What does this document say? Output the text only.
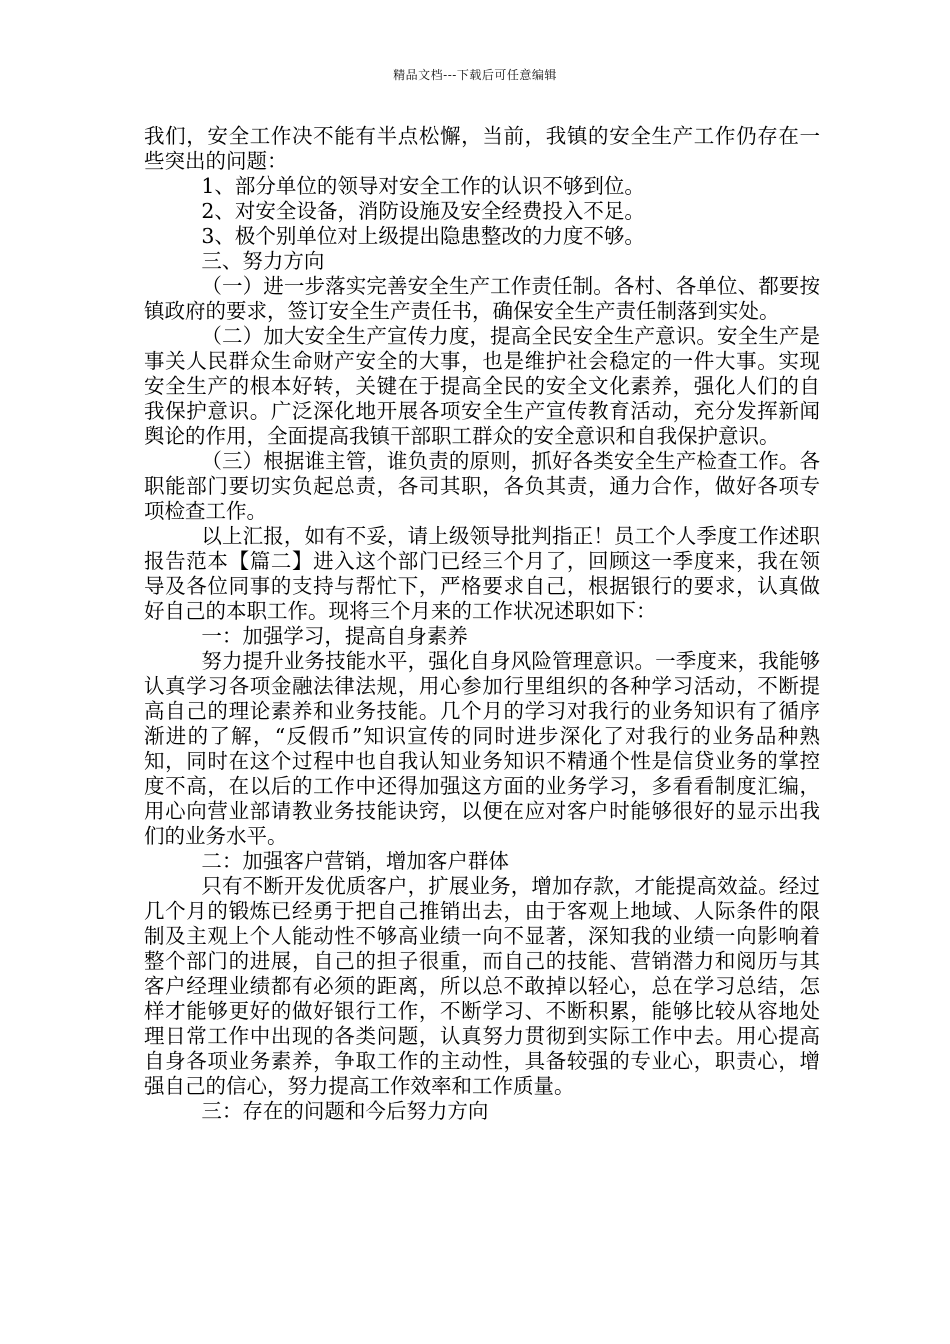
精品文档---下载后可任意编辑

我们，安全工作决不能有半点松懈，当前，我镇的安全生产工作仍存在一些突出的问题：

1、部分单位的领导对安全工作的认识不够到位。

2、对安全设备，消防设施及安全经费投入不足。

3、极个别单位对上级提出隐患整改的力度不够。

三、努力方向

（一）进一步落实完善安全生产工作责任制。各村、各单位、都要按镇政府的要求，签订安全生产责任书，确保安全生产责任制落到实处。

（二）加大安全生产宣传力度，提高全民安全生产意识。安全生产是事关人民群众生命财产安全的大事，也是维护社会稳定的一件大事。实现安全生产的根本好转，关键在于提高全民的安全文化素养，强化人们的自我保护意识。广泛深化地开展各项安全生产宣传教育活动，充分发挥新闻舆论的作用，全面提高我镇干部职工群众的安全意识和自我保护意识。

（三）根据谁主管，谁负责的原则，抓好各类安全生产检查工作。各职能部门要切实负起总责，各司其职，各负其责，通力合作，做好各项专项检查工作。

以上汇报，如有不妥，请上级领导批判指正！员工个人季度工作述职报告范本【篇二】进入这个部门已经三个月了，回顾这一季度来，我在领导及各位同事的支持与帮忙下，严格要求自己，根据银行的要求，认真做好自己的本职工作。现将三个月来的工作状况述职如下：

一：加强学习，提高自身素养

努力提升业务技能水平，强化自身风险管理意识。一季度来，我能够认真学习各项金融法律法规，用心参加行里组织的各种学习活动，不断提高自己的理论素养和业务技能。几个月的学习对我行的业务知识有了循序渐进的了解，“反假币”知识宣传的同时进步深化了对我行的业务品种熟知，同时在这个过程中也自我认知业务知识不精通个性是信贷业务的掌控度不高，在以后的工作中还得加强这方面的业务学习，多看看制度汇编，用心向营业部请教业务技能诀窍，以便在应对客户时能够很好的显示出我们的业务水平。

二：加强客户营销，增加客户群体

只有不断开发优质客户，扩展业务，增加存款，才能提高效益。经过几个月的锻炼已经勇于把自己推销出去，由于客观上地域、人际条件的限制及主观上个人能动性不够高业绩一向不显著，深知我的业绩一向影响着整个部门的进展，自己的担子很重，而自己的技能、营销潜力和阅历与其客户经理业绩都有必须的距离，所以总不敢掉以轻心，总在学习总结，怎样才能够更好的做好银行工作，不断学习、不断积累，能够比较从容地处理日常工作中出现的各类问题，认真努力贯彻到实际工作中去。用心提高自身各项业务素养，争取工作的主动性，具备较强的专业心，职责心，增强自己的信心，努力提高工作效率和工作质量。

三：存在的问题和今后努力方向
